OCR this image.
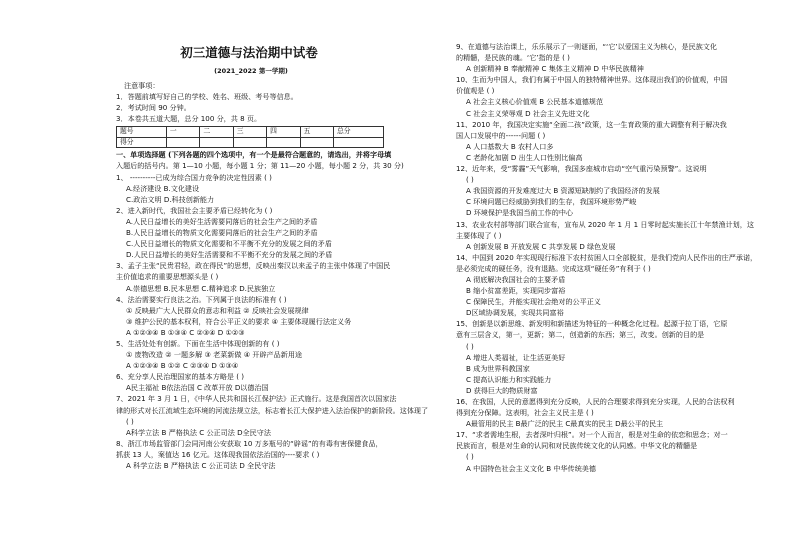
初三道德与法治期中试卷
(2021_2022 第一学期)
注意事项：
1．答题前填写好自己的学校、姓名、班级、考号等信息。
2．考试时间 90 分钟。
3．本卷共五道大题，总分 100 分，共 8 页。
题号	一	二	三	四	五	总分
得分						
一、单项选择题 (下列各题的四个选项中，有一个是最符合题意的，请选出，并将字母填
入题后的括号内。第 1—10 小题，每小题 1 分；第 11—20 小题，每小题 2 分，共 30 分)
1、 ----------已成为综合国力竞争的决定性因素 ( )
A.经济建设 B.文化建设
C.政治文明 D.科技创新能力
2、进入新时代，我国社会主要矛盾已经转化为 ( )
A.人民日益增长的美好生活需要同落后的社会生产之间的矛盾
B.人民日益增长的物质文化需要同落后的社会生产之间的矛盾
C.人民日益增长的物质文化需要和不平衡不充分的发展之间的矛盾
D.人民日益增长的美好生活需要和不平衡不充分的发展之间的矛盾
3、孟子主张“民贵君轻，政在得民”的思想，反映出秦汉以来孟子的主张中体现了中国民
主价值追求的重要思想源头是 ( )
A.崇德思想 B.民本思想 C.精神追求 D.民族独立
4、法治需要实行良法之治。下列属于良法的标准有 ( )
① 反映最广大人民群众的意志和利益 ② 反映社会发展规律
③ 维护公民的基本权利，符合公平正义的要求 ④ 主要体现履行法定义务
A ①②③④ B ①③④ C ②③④ D ①②③
5、生活处处有创新。下面在生活中体现创新的有 ( )
① 废物改造 ② 一题多解 ③ 老菜新做 ④ 开辟产品新用途
A ①②③④ B ①② C ②③④ D ①③④
6、充分享人民治理国家的基本方略是 ( )
A民主福祉 B依法治国 C 改革开放 D以德治国
7、2021 年 3 月 1 日，《中华人民共和国长江保护法》正式施行。这是我国首次以国家法
律的形式对长江流域生态环境的河流法规立法，标志着长江大保护进入法治保护的新阶段。这体现了
( )
A科学立法 B 严格执法 C 公正司法 D全民守法
8、浙江市场监管部门会同河南公安获取 10 万多瓶号的“辟谣”的有毒有害保健食品，
抓获 13 人，案值达 16 亿元。这体现我国依法治国的----要求 ( )
A 科学立法 B 严格执法 C 公正司法 D 全民守法
9、在道德与法治课上，乐乐展示了一则谜面，“‘它’以爱国主义为核心，是民族文化
的精髓，是民族的魂。‘它’指的是 ( )
A 创新精神 B 奉献精神 C 集体主义精神 D 中华民族精神
10、生而为中国人，我们有属于中国人的独特精神世界。这体现出我们的价值观，中国
价值观是 ( )
A 社会主义核心价值观 B 公民基本道德规范
C 社会主义荣辱观 D 社会主义先进文化
11、2010 年，我国决定实施“全面二孩”政策，这一生育政策的重大调整有利于解决我
国人口发展中的------问题 ( )
A 人口基数大 B 农村人口多
C 老龄化加剧 D 出生人口性别比偏高
12、近年来，受“雾霾”天气影响，我国多座城市启动“空气重污染预警”。这说明
( )
A 我国资源的开发难度过大 B 资源短缺制约了我国经济的发展
C 环境问题已经威胁到我们的生存，我国环境形势严峻
D 环境保护是我国当前工作的中心
13、农业农村部等部门联合宣布，宣布从 2020 年 1 月 1 日零时起实施长江十年禁渔计划，这
主要体现了 ( )
A 创新发展 B 开放发展 C 共享发展 D 绿色发展
14、中国到 2020 年实现现行标准下农村贫困人口全部脱贫，是我们党向人民作出的庄严承诺，
是必须完成的硬任务，没有退路。完成这项“硬任务”有利于 ( )
A 彻底解决我国社会的主要矛盾
B 缩小贫富差距，实现同步富裕
C 保障民生，并能实现社会绝对的公平正义
D区域协调发展，实现共同富裕
15、创新是以新思维、新发明和新描述为特征的一种概念化过程。起源于拉丁语，它原
意有三层含义，第一，更新；第二，创造新的东西；第三，改变。创新的目的是
( )
A 增进人类福祉，让生活更美好
B 成为世界科教国家
C 提高认识能力和实践能力
D 获得巨大的物质财富
16、在我国，人民的意愿得到充分反映，人民的合理要求得到充分实现，人民的合法权利
得到充分保障。这表明，社会主义民主是 ( )
A最管用的民主 B最广泛的民主 C最真实的民主 D最公平的民主
17、“求者需地生根，去者深叶归根”。对一个人而言，根是对生命的依恋和思念；对一
民族而言，根是对生命的认同和对民族传统文化的认同感。中华文化的精髓是
( )
A 中国特色社会主义文化 B 中华传统美德
